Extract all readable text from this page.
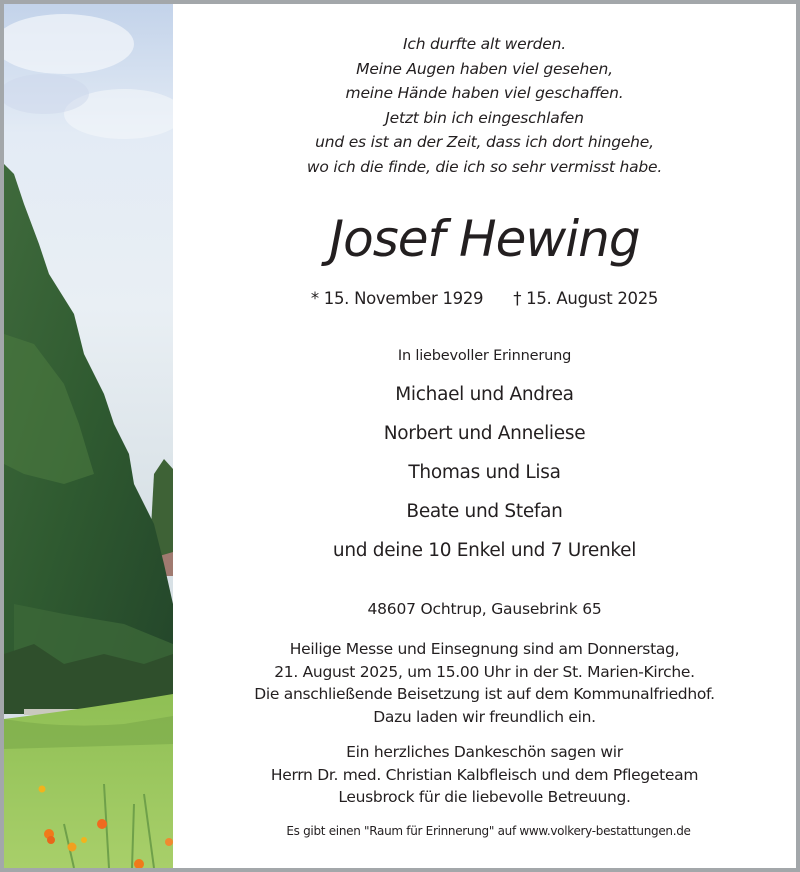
Ich durfte alt werden.
Meine Augen haben viel gesehen,
meine Hände haben viel geschaffen.
Jetzt bin ich eingeschlafen
und es ist an der Zeit, dass ich dort hingehe,
wo ich die finde, die ich so sehr vermisst habe.
Josef Hewing
* 15. November 1929 † 15. August 2025
In liebevoller Erinnerung
Michael und Andrea
Norbert und Anneliese
Thomas und Lisa
Beate und Stefan
und deine 10 Enkel und 7 Urenkel
48607 Ochtrup, Gausebrink 65
Heilige Messe und Einsegnung sind am Donnerstag,
21. August 2025, um 15.00 Uhr in der St. Marien-Kirche.
Die anschließende Beisetzung ist auf dem Kommunalfriedhof.
Dazu laden wir freundlich ein.
Ein herzliches Dankeschön sagen wir
Herrn Dr. med. Christian Kalbfleisch und dem Pflegeteam
Leusbrock für die liebevolle Betreuung.
Es gibt einen "Raum für Erinnerung" auf www.volkery-bestattungen.de
